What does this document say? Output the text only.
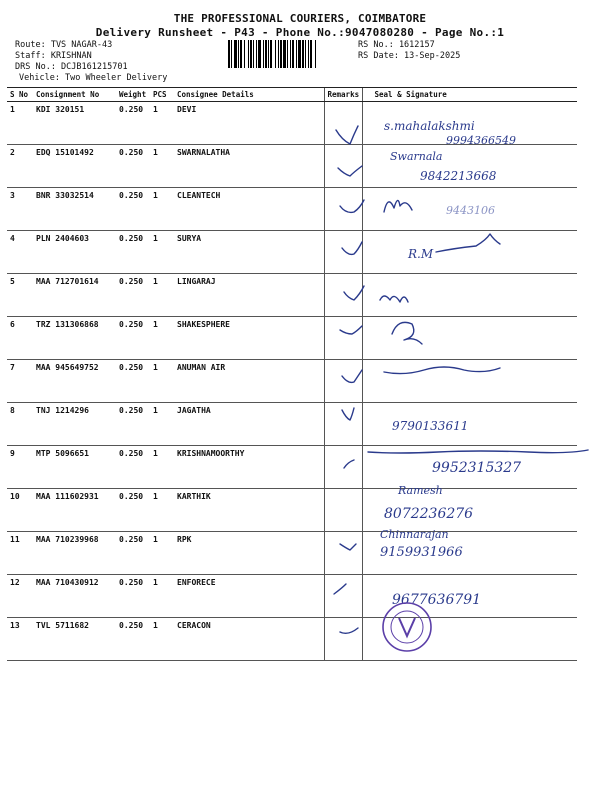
THE PROFESSIONAL COURIERS, COIMBATORE
Delivery Runsheet - P43 - Phone No.:9047080280 - Page No.:1
Route: TVS NAGAR-43
Staff: KRISHNAN
DRS No.: DCJB161215701
Vehicle: Two Wheeler Delivery
RS No.: 1612157
RS Date: 13-Sep-2025
S No	Consignment No	Weight	PCS	Consignee Details	Remarks	Seal & Signature
1	KDI 320151	0.250	1	DEVI		
2	EDQ 15101492	0.250	1	SWARNALATHA		
3	BNR 33032514	0.250	1	CLEANTECH		
4	PLN 2404603	0.250	1	SURYA		
5	MAA 712701614	0.250	1	LINGARAJ		
6	TRZ 131306868	0.250	1	SHAKESPHERE		
7	MAA 945649752	0.250	1	ANUMAN AIR		
8	TNJ 1214296	0.250	1	JAGATHA		
9	MTP 5096651	0.250	1	KRISHNAMOORTHY		
10	MAA 111602931	0.250	1	KARTHIK		
11	MAA 710239968	0.250	1	RPK		
12	MAA 710430912	0.250	1	ENFORECE		
13	TVL 5711682	0.250	1	CERACON		
s.mahalakshmi
9994366549
Swarnala
9842213668
9443106
R.M
9790133611
9952315327
Ramesh
8072236276
Chinnarajan
9159931966
9677636791
